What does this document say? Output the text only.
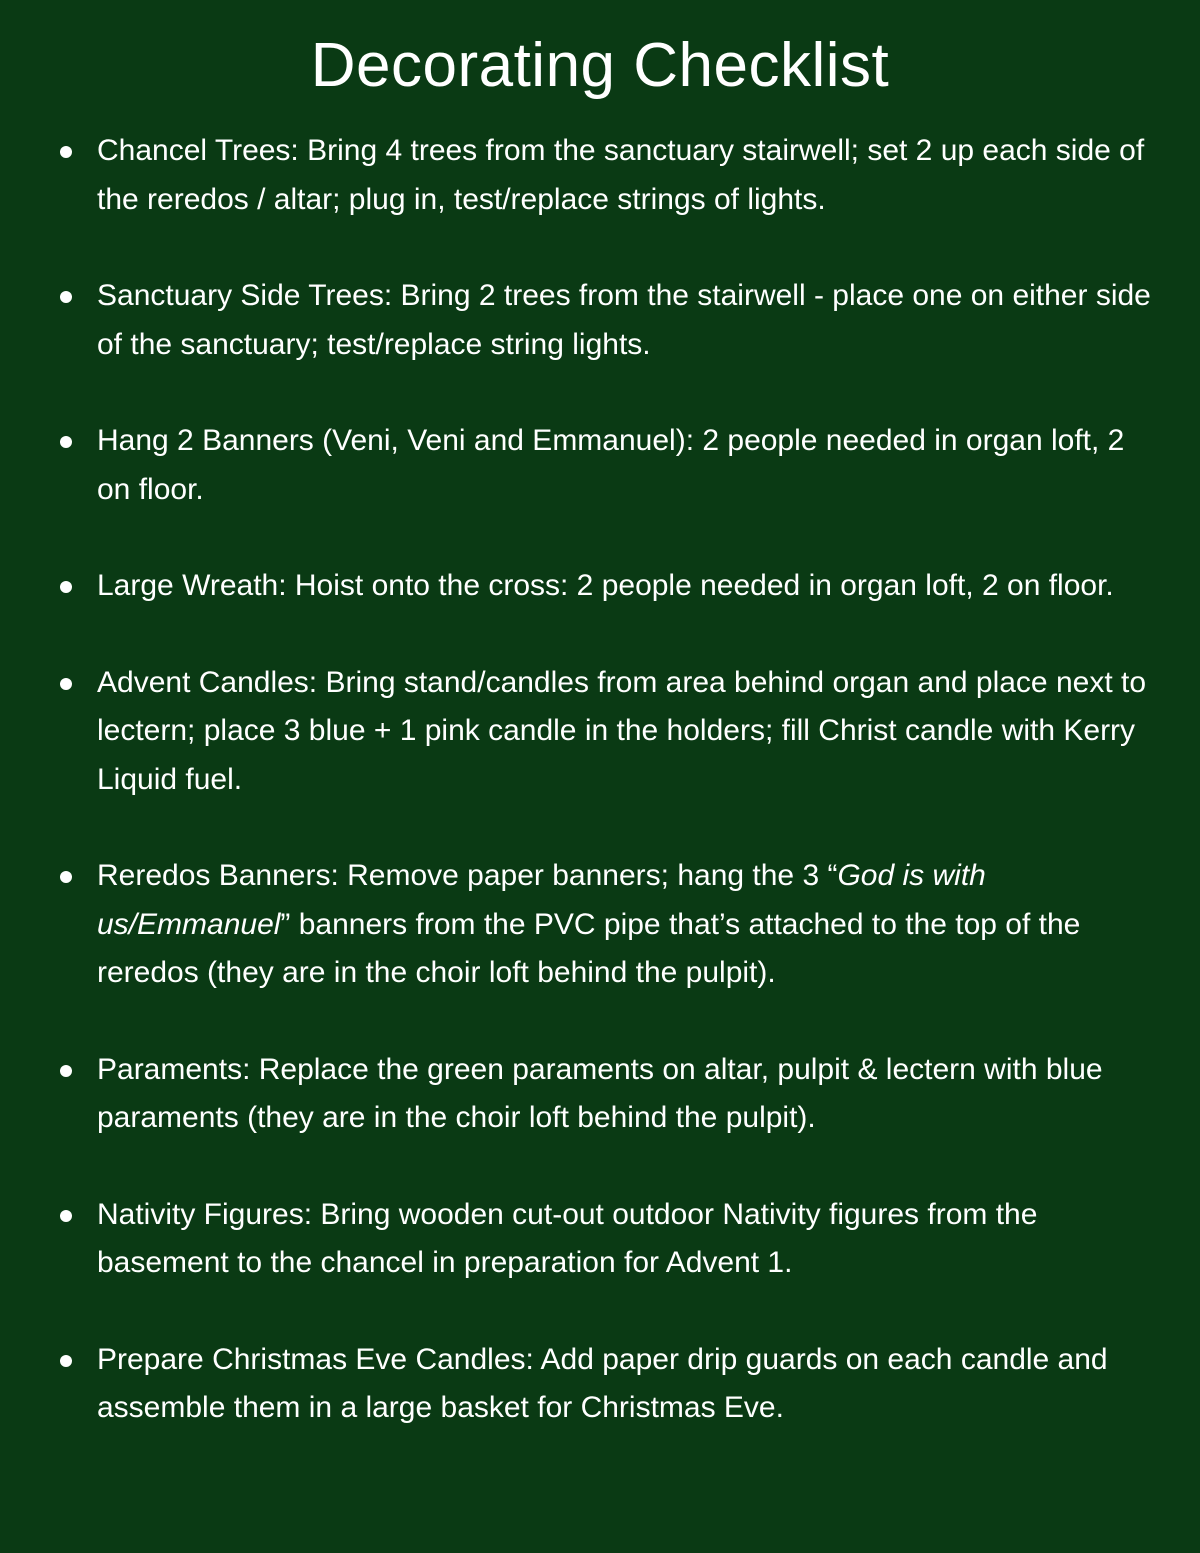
Decorating Checklist
Chancel Trees: Bring 4 trees from the sanctuary stairwell; set 2 up each side of the reredos / altar; plug in, test/replace strings of lights.
Sanctuary Side Trees: Bring 2 trees from the stairwell - place one on either side of the sanctuary; test/replace string lights.
Hang 2 Banners (Veni, Veni and Emmanuel): 2 people needed in organ loft, 2 on floor.
Large Wreath: Hoist onto the cross: 2 people needed in organ loft, 2 on floor.
Advent Candles: Bring stand/candles from area behind organ and place next to lectern; place 3 blue + 1 pink candle in the holders; fill Christ candle with Kerry Liquid fuel.
Reredos Banners: Remove paper banners; hang the 3 “God is with us/Emmanuel” banners from the PVC pipe that’s attached to the top of the reredos (they are in the choir loft behind the pulpit).
Paraments: Replace the green paraments on altar, pulpit & lectern with blue paraments (they are in the choir loft behind the pulpit).
Nativity Figures: Bring wooden cut-out outdoor Nativity figures from the basement to the chancel in preparation for Advent 1.
Prepare Christmas Eve Candles: Add paper drip guards on each candle and assemble them in a large basket for Christmas Eve.
